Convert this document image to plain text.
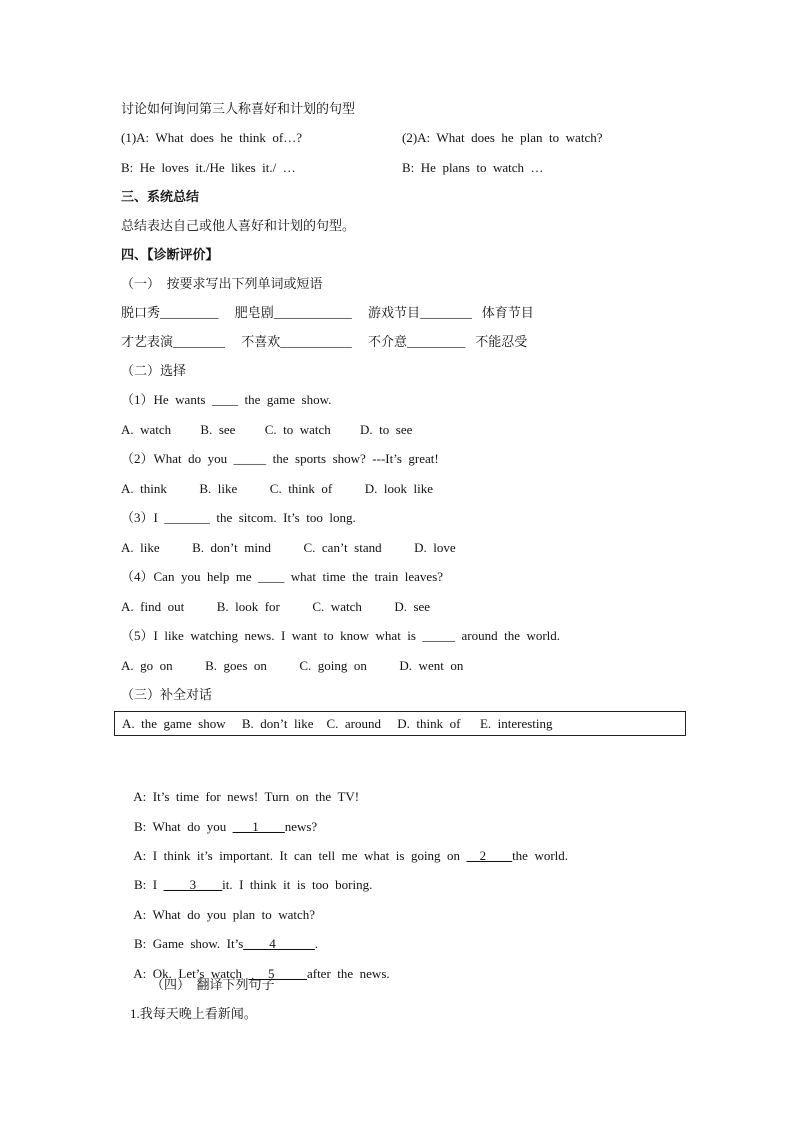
讨论如何询问第三人称喜好和计划的句型
(1)A:  What  does  he  think  of…?	(2)A:  What  does  he  plan  to  watch?
B:  He  loves  it./He  likes  it./  …	B:  He  plans  to  watch  …
三、系统总结
总结表达自己或他人喜好和计划的句型。
四、【诊断评价】
（一）  按要求写出下列单词或短语
脱口秀_________     肥皂剧____________     游戏节目________   体育节目
才艺表演________     不喜欢___________     不介意_________   不能忍受
（二）选择
（1）He  wants  ____  the  game  show.
A.  watch         B.  see         C.  to  watch         D.  to  see
（2）What  do  you  _____  the  sports  show?  ---It’s  great!
A.  think          B.  like          C.  think  of          D.  look  like
（3）I  _______  the  sitcom.  It’s  too  long.
A.  like          B.  don’t  mind          C.  can’t  stand          D.  love
（4）Can  you  help  me  ____  what  time  the  train  leaves?
A.  find  out          B.  look  for          C.  watch          D.  see
（5）I  like  watching  news.  I  want  to  know  what  is  _____  around  the  world.
A.  go  on          B.  goes  on          C.  going  on          D.  went  on
（三）补全对话
A.  the  game  show     B.  don’t  like    C.  around     D.  think  of      E.  interesting

A:  It’s  time  for  news!  Turn  on  the  TV!

B:  What  do  you  ___1____news?

A:  I  think  it’s  important.  It  can  tell  me  what  is  going  on  __2____the  world.

B:  I  ____3____it.  I  think  it  is  too  boring.

A:  What  do  you  plan  to  watch?

B:  Game  show.  It’s____4______.

A:  Ok.  Let’s  watch  ___5_____after  the  news.

（四）  翻译下列句子
1.我每天晚上看新闻。
